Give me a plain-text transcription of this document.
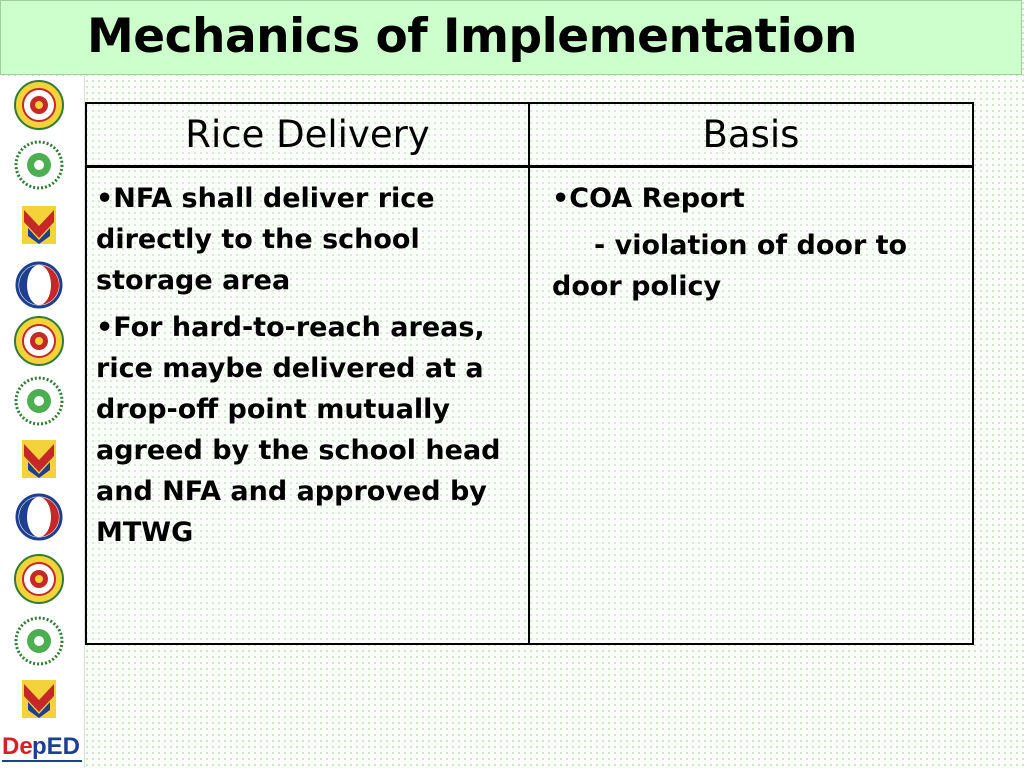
Mechanics of Implementation
De pED
Rice Delivery	Basis

•NFA shall deliver rice directly to the school storage area

•For hard-to-reach areas, rice maybe delivered at a drop-off point mutually agreed by the school head and NFA and approved by MTWG

•COA Report

- violation of door to door policy
